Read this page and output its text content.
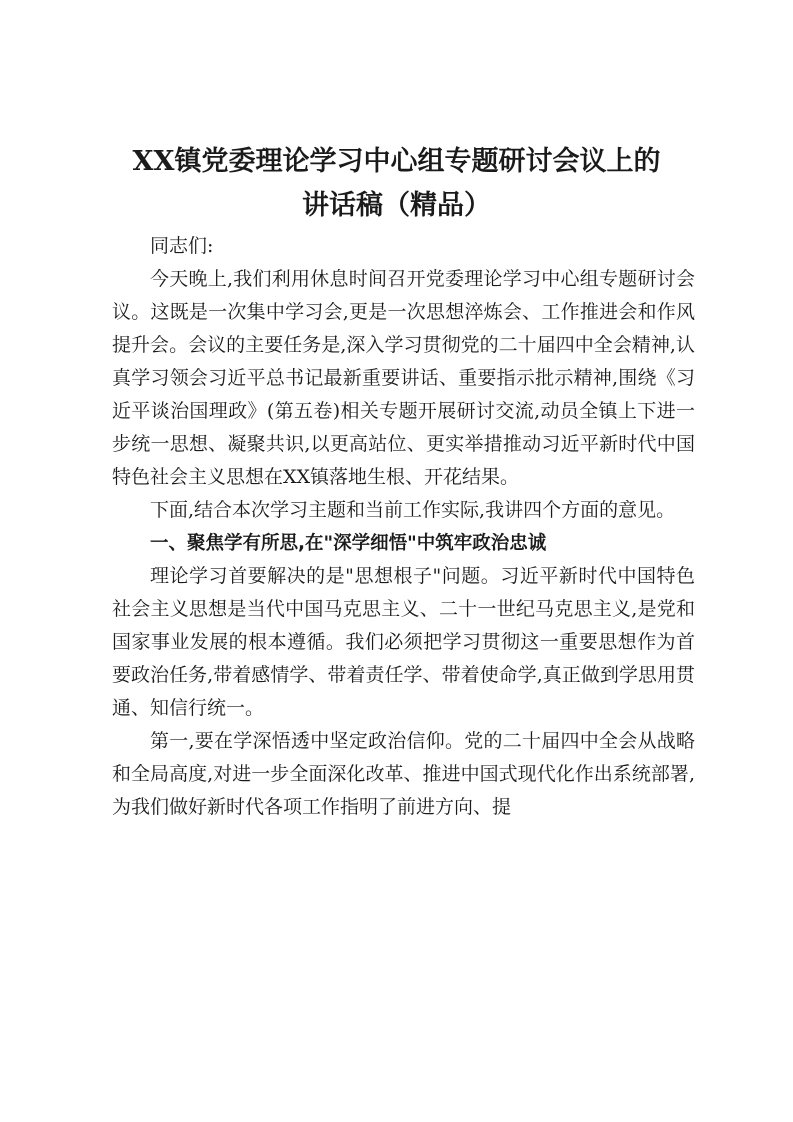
XX镇党委理论学习中心组专题研讨会议上的
讲话稿（精品）

同志们:

今天晚上,我们利用休息时间召开党委理论学习中心组专题研讨会议。这既是一次集中学习会,更是一次思想淬炼会、工作推进会和作风提升会。会议的主要任务是,深入学习贯彻党的二十届四中全会精神,认真学习领会习近平总书记最新重要讲话、重要指示批示精神,围绕《习近平谈治国理政》(第五卷)相关专题开展研讨交流,动员全镇上下进一步统一思想、凝聚共识,以更高站位、更实举措推动习近平新时代中国特色社会主义思想在XX镇落地生根、开花结果。

下面,结合本次学习主题和当前工作实际,我讲四个方面的意见。

一、聚焦学有所思,在"深学细悟"中筑牢政治忠诚

理论学习首要解决的是"思想根子"问题。习近平新时代中国特色社会主义思想是当代中国马克思主义、二十一世纪马克思主义,是党和国家事业发展的根本遵循。我们必须把学习贯彻这一重要思想作为首要政治任务,带着感情学、带着责任学、带着使命学,真正做到学思用贯通、知信行统一。

第一,要在学深悟透中坚定政治信仰。党的二十届四中全会从战略和全局高度,对进一步全面深化改革、推进中国式现代化作出系统部署,为我们做好新时代各项工作指明了前进方向、提
